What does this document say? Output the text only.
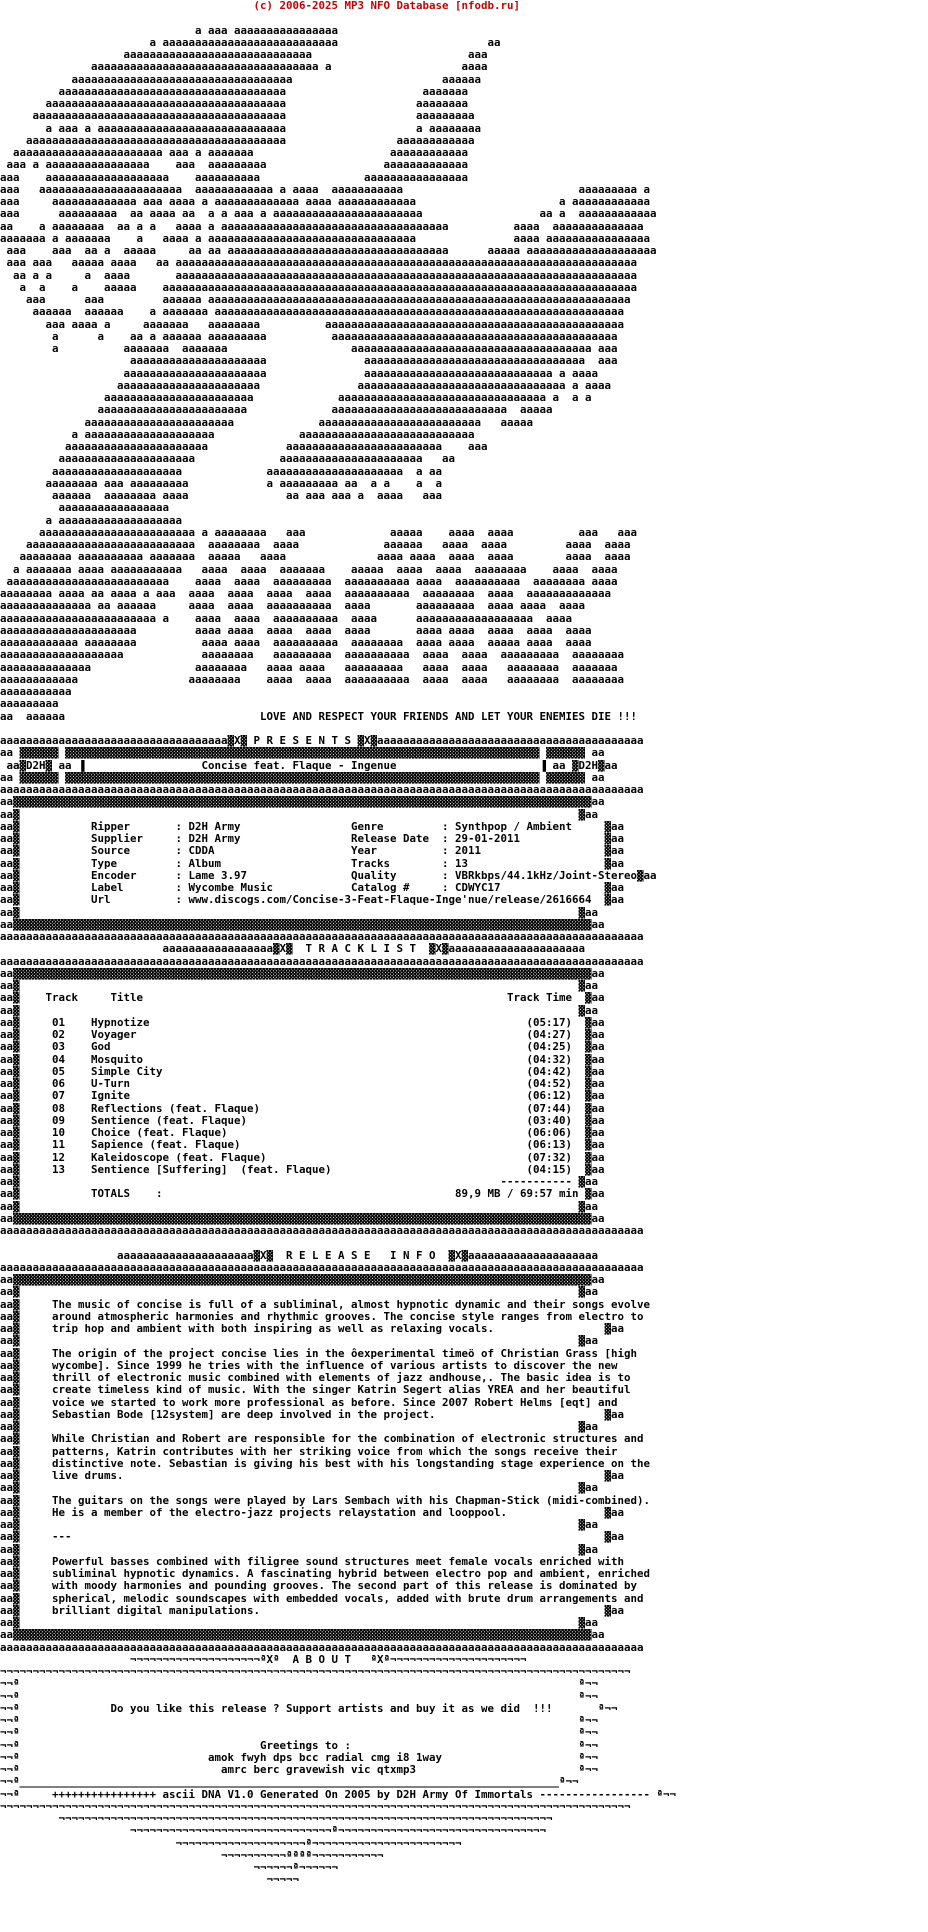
(c) 2006-2025 MP3 NFO Database [nfodb.ru]

a aaa aaaaaaaaaaaaaaaa
a aaaaaaaaaaaaaaaaaaaaaaaaaaa                       aa
aaaaaaaaaaaaaaaaaaaaaaaaaaaaa                        aaa
aaaaaaaaaaaaaaaaaaaaaaaaaaaaaaaaaaa a                    aaaa
aaaaaaaaaaaaaaaaaaaaaaaaaaaaaaaaaa                       aaaaaa
aaaaaaaaaaaaaaaaaaaaaaaaaaaaaaaaaaa                     aaaaaaa
aaaaaaaaaaaaaaaaaaaaaaaaaaaaaaaaaaaaa                    aaaaaaaa
aaaaaaaaaaaaaaaaaaaaaaaaaaaaaaaaaaaaaaa                    aaaaaaaaa
a aaa a aaaaaaaaaaaaaaaaaaaaaaaaaaaaa                    a aaaaaaaa
aaaaaaaaaaaaaaaaaaaaaaaaaaaaaaaaaaaaaaaa                 aaaaaaaaaaaa
aaaaaaaaaaaaaaaaaaaaaaa aaa a aaaaaaa                     aaaaaaaaaaaa
aaa a aaaaaaaaaaaaaaaa    aaa  aaaaaaaaa                  aaaaaaaaaaaaa
aaa    aaaaaaaaaaaaaaaaaaa    aaaaaaaaaa                aaaaaaaaaaaaaaaa
aaa   aaaaaaaaaaaaaaaaaaaaaa  aaaaaaaaaaaa a aaaa  aaaaaaaaaaa                           aaaaaaaaa a
aaa     aaaaaaaaaaaaa aaa aaaa a aaaaaaaaaaaaa aaaa aaaaaaaaaaaa                      a aaaaaaaaaaaa
aaa      aaaaaaaaa  aa aaaa aa  a a aaa a aaaaaaaaaaaaaaaaaaaaaaa                  aa a  aaaaaaaaaaaa
aa    a aaaaaaaa  aa a a   aaaa a aaaaaaaaaaaaaaaaaaaaaaaaaaaaaaaaaaa          aaaa  aaaaaaaaaaaaaa
aaaaaaa a aaaaaaa    a   aaaa a aaaaaaaaaaaaaaaaaaaaaaaaaaaaaaaa               aaaa aaaaaaaaaaaaaaaa
aaa    aaa  aa a  aaaaa     aa aa aaaaaaaaaaaaaaaaaaaaaaaaaaaaaaaaaa      aaaaa aaaaaaaaaaaaaaaaaaaa
aaa aaa   aaaaa aaaa   aa aaaaaaaaaaaaaaaaaaaaaaaaaaaaaaaaaaaaaaaaaaaaaaaaaaaaaaaaaaaaaaaaaaaaaaa
aa a a     a  aaaa       aaaaaaaaaaaaaaaaaaaaaaaaaaaaaaaaaaaaaaaaaaaaaaaaaaaaaaaaaaaaaaaaaaaaaaa
a  a    a    aaaaa    aaaaaaaaaaaaaaaaaaaaaaaaaaaaaaaaaaaaaaaaaaaaaaaaaaaaaaaaaaaaaaaaaaaaaaaaa
aaa      aaa         aaaaaa aaaaaaaaaaaaaaaaaaaaaaaaaaaaaaaaaaaaaaaaaaaaaaaaaaaaaaaaaaaaaaaaa
aaaaaa  aaaaaa    a aaaaaaa aaaaaaaaaaaaaaaaaaaaaaaaaaaaaaaaaaaaaaaaaaaaaaaaaaaaaaaaaaaaaaa
aaa aaaa a     aaaaaaa   aaaaaaaa          aaaaaaaaaaaaaaaaaaaaaaaaaaaaaaaaaaaaaaaaaaaaaa
a      a    aa a aaaaaa aaaaaaaaa          aaaaaaaaaaaaaaaaaaaaaaaaaaaaaaaaaaaaaaaaaaaa
a          aaaaaaa  aaaaaaa                   aaaaaaaaaaaaaaaaaaaaaaaaaaaaaaaaaaaaa aaa
aaaaaaaaaaaaaaaaaaaaa               aaaaaaaaaaaaaaaaaaaaaaaaaaaaaaaaaa  aaa
aaaaaaaaaaaaaaaaaaaaaa               aaaaaaaaaaaaaaaaaaaaaaaaaaaaa a aaaa
aaaaaaaaaaaaaaaaaaaaaa               aaaaaaaaaaaaaaaaaaaaaaaaaaaaaaaa a aaaa
aaaaaaaaaaaaaaaaaaaaaaa             aaaaaaaaaaaaaaaaaaaaaaaaaaaaaaaa a  a a
aaaaaaaaaaaaaaaaaaaaaaa             aaaaaaaaaaaaaaaaaaaaaaaaaaa  aaaaa
aaaaaaaaaaaaaaaaaaaaaaa             aaaaaaaaaaaaaaaaaaaaaaaaa   aaaaa
a aaaaaaaaaaaaaaaaaaaa             aaaaaaaaaaaaaaaaaaaaaaaaaaa
aaaaaaaaaaaaaaaaaaaaaa            aaaaaaaaaaaaaaaaaaaaaaaa    aaa
aaaaaaaaaaaaaaaaaaaaa             aaaaaaaaaaaaaaaaaaaaaa   aa
aaaaaaaaaaaaaaaaaaaa             aaaaaaaaaaaaaaaaaaaaa  a aa
aaaaaaaa aaa aaaaaaaaa            a aaaaaaaaa aa  a a    a  a
aaaaaa  aaaaaaaa aaaa               aa aaa aaa a  aaaa   aaa
aaaaaaaaaaaaaaaaa
a aaaaaaaaaaaaaaaaaaa
aaaaaaaaaaaaaaaaaaaaaaaa a aaaaaaaa   aaa             aaaaa    aaaa  aaaa          aaa   aaa
aaaaaaaaaaaaaaaaaaaaaaaaaa  aaaaaaaa  aaaa             aaaaaa   aaaa  aaaa         aaaa  aaaa
aaaaaaaa aaaaaaaaaa aaaaaaa  aaaaa   aaaa              aaaa aaaa  aaaa  aaaa        aaaa  aaaa
a aaaaaaa aaaa aaaaaaaaaaa   aaaa  aaaa  aaaaaaa    aaaaa  aaaa  aaaa  aaaaaaaa    aaaa  aaaa
aaaaaaaaaaaaaaaaaaaaaaaaa    aaaa  aaaa  aaaaaaaaa  aaaaaaaaaa aaaa  aaaaaaaaaa  aaaaaaaa aaaa
aaaaaaaa aaaa aa aaaa a aaa  aaaa  aaaa  aaaa  aaaa  aaaaaaaaaa  aaaaaaaa  aaaa  aaaaaaaaaaaaa
aaaaaaaaaaaaaa aa aaaaaa     aaaa  aaaa  aaaaaaaaaa  aaaa       aaaaaaaaa  aaaa aaaa  aaaa
aaaaaaaaaaaaaaaaaaaaaaaa a    aaaa  aaaa  aaaaaaaaaa  aaaa      aaaaaaaaaaaaaaaaaa  aaaa
aaaaaaaaaaaaaaaaaaaaa         aaaa aaaa  aaaa  aaaa  aaaa       aaaa aaaa  aaaa  aaaa  aaaa
aaaaaaaaaaaa aaaaaaaa          aaaa aaaa  aaaaaaaaaa  aaaaaaaa  aaaa aaaa  aaaaa aaaa  aaaa
aaaaaaaaaaaaaaaaaaa            aaaaaaaa   aaaaaaaaa  aaaaaaaaaa  aaaa  aaaa  aaaaaaaaa  aaaaaaaa
aaaaaaaaaaaaaa                aaaaaaaa   aaaa aaaa   aaaaaaaaa   aaaa  aaaa   aaaaaaaa  aaaaaaa
aaaaaaaaaaaa                 aaaaaaaa    aaaa  aaaa  aaaaaaaaaa  aaaa  aaaa   aaaaaaaa  aaaaaaaa
aaaaaaaaaaa
aaaaaaaaa
aa  aaaaaa                              LOVE AND RESPECT YOUR FRIENDS AND LET YOUR ENEMIES DIE !!!

aaaaaaaaaaaaaaaaaaaaaaaaaaaaaaaaaaa▓X▓ P R E S E N T S ▓X▓aaaaaaaaaaaaaaaaaaaaaaaaaaaaaaaaaaaaaaaaa
aa ▓▓▓▓▓▓ ▓▓▓▓▓▓▓▓▓▓▓▓▓▓▓▓▓▓▓▓▓▓▓▓▓▓▓▓▓▓▓▓▓▓▓▓▓▓▓▓▓▓▓▓▓▓▓▓▓▓▓▓▓▓▓▓▓▓▓▓▓▓▓▓▓▓▓▓▓▓▓▓▓ ▓▓▓▓▓▓ aa
aa▓D2H▓ aa ▐                  Concise feat. Flaque - Ingenue                      ▐ aa ▓D2H▓aa
aa ▓▓▓▓▓▓ ▓▓▓▓▓▓▓▓▓▓▓▓▓▓▓▓▓▓▓▓▓▓▓▓▓▓▓▓▓▓▓▓▓▓▓▓▓▓▓▓▓▓▓▓▓▓▓▓▓▓▓▓▓▓▓▓▓▓▓▓▓▓▓▓▓▓▓▓▓▓▓▓▓ ▓▓▓▓▓▓ aa
aaaaaaaaaaaaaaaaaaaaaaaaaaaaaaaaaaaaaaaaaaaaaaaaaaaaaaaaaaaaaaaaaaaaaaaaaaaaaaaaaaaaaaaaaaaaaaaaaaa
aa▓▓▓▓▓▓▓▓▓▓▓▓▓▓▓▓▓▓▓▓▓▓▓▓▓▓▓▓▓▓▓▓▓▓▓▓▓▓▓▓▓▓▓▓▓▓▓▓▓▓▓▓▓▓▓▓▓▓▓▓▓▓▓▓▓▓▓▓▓▓▓▓▓▓▓▓▓▓▓▓▓▓▓▓▓▓▓▓▓aa
aa▓                                                                                      ▓aa
aa▓           Ripper       : D2H Army                 Genre         : Synthpop / Ambient     ▓aa
aa▓           Supplier     : D2H Army                 Release Date  : 29-01-2011             ▓aa
aa▓           Source       : CDDA                     Year          : 2011                   ▓aa
aa▓           Type         : Album                    Tracks        : 13                     ▓aa
aa▓           Encoder      : Lame 3.97                Quality       : VBRkbps/44.1kHz/Joint-Stereo▓aa
aa▓           Label        : Wycombe Music            Catalog #     : CDWYC17                ▓aa
aa▓           Url          : www.discogs.com/Concise-3-Feat-Flaque-Inge'nue/release/2616664  ▓aa
aa▓                                                                                      ▓aa
aa▓▓▓▓▓▓▓▓▓▓▓▓▓▓▓▓▓▓▓▓▓▓▓▓▓▓▓▓▓▓▓▓▓▓▓▓▓▓▓▓▓▓▓▓▓▓▓▓▓▓▓▓▓▓▓▓▓▓▓▓▓▓▓▓▓▓▓▓▓▓▓▓▓▓▓▓▓▓▓▓▓▓▓▓▓▓▓▓▓aa
aaaaaaaaaaaaaaaaaaaaaaaaaaaaaaaaaaaaaaaaaaaaaaaaaaaaaaaaaaaaaaaaaaaaaaaaaaaaaaaaaaaaaaaaaaaaaaaaaaa
aaaaaaaaaaaaaaaaa▓X▓  T R A C K L I S T  ▓X▓aaaaaaaaaaaaaaaaaaaaa
aaaaaaaaaaaaaaaaaaaaaaaaaaaaaaaaaaaaaaaaaaaaaaaaaaaaaaaaaaaaaaaaaaaaaaaaaaaaaaaaaaaaaaaaaaaaaaaaaaa
aa▓▓▓▓▓▓▓▓▓▓▓▓▓▓▓▓▓▓▓▓▓▓▓▓▓▓▓▓▓▓▓▓▓▓▓▓▓▓▓▓▓▓▓▓▓▓▓▓▓▓▓▓▓▓▓▓▓▓▓▓▓▓▓▓▓▓▓▓▓▓▓▓▓▓▓▓▓▓▓▓▓▓▓▓▓▓▓▓▓aa
aa▓                                                                                      ▓aa
aa▓    Track     Title                                                        Track Time  ▓aa
aa▓                                                                                      ▓aa
aa▓     01    Hypnotize                                                          (05:17)  ▓aa
aa▓     02    Voyager                                                            (04:27)  ▓aa
aa▓     03    God                                                                (04:25)  ▓aa
aa▓     04    Mosquito                                                           (04:32)  ▓aa
aa▓     05    Simple City                                                        (04:42)  ▓aa
aa▓     06    U-Turn                                                             (04:52)  ▓aa
aa▓     07    Ignite                                                             (06:12)  ▓aa
aa▓     08    Reflections (feat. Flaque)                                         (07:44)  ▓aa
aa▓     09    Sentience (feat. Flaque)                                           (03:40)  ▓aa
aa▓     10    Choice (feat. Flaque)                                              (06:06)  ▓aa
aa▓     11    Sapience (feat. Flaque)                                            (06:13)  ▓aa
aa▓     12    Kaleidoscope (feat. Flaque)                                        (07:32)  ▓aa
aa▓     13    Sentience [Suffering]  (feat. Flaque)                              (04:15)  ▓aa
aa▓                                                                          ----------- ▓aa
aa▓           TOTALS    :                                             89,9 MB / 69:57 min ▓aa
aa▓                                                                                      ▓aa
aa▓▓▓▓▓▓▓▓▓▓▓▓▓▓▓▓▓▓▓▓▓▓▓▓▓▓▓▓▓▓▓▓▓▓▓▓▓▓▓▓▓▓▓▓▓▓▓▓▓▓▓▓▓▓▓▓▓▓▓▓▓▓▓▓▓▓▓▓▓▓▓▓▓▓▓▓▓▓▓▓▓▓▓▓▓▓▓▓▓aa
aaaaaaaaaaaaaaaaaaaaaaaaaaaaaaaaaaaaaaaaaaaaaaaaaaaaaaaaaaaaaaaaaaaaaaaaaaaaaaaaaaaaaaaaaaaaaaaaaaa

aaaaaaaaaaaaaaaaaaaaa▓X▓  R E L E A S E   I N F O  ▓X▓aaaaaaaaaaaaaaaaaaaa
aaaaaaaaaaaaaaaaaaaaaaaaaaaaaaaaaaaaaaaaaaaaaaaaaaaaaaaaaaaaaaaaaaaaaaaaaaaaaaaaaaaaaaaaaaaaaaaaaaa
aa▓▓▓▓▓▓▓▓▓▓▓▓▓▓▓▓▓▓▓▓▓▓▓▓▓▓▓▓▓▓▓▓▓▓▓▓▓▓▓▓▓▓▓▓▓▓▓▓▓▓▓▓▓▓▓▓▓▓▓▓▓▓▓▓▓▓▓▓▓▓▓▓▓▓▓▓▓▓▓▓▓▓▓▓▓▓▓▓▓aa
aa▓                                                                                      ▓aa
aa▓     The music of concise is full of a subliminal, almost hypnotic dynamic and their songs evolve
aa▓     around atmospheric harmonies and rhythmic grooves. The concise style ranges from electro to
aa▓     trip hop and ambient with both inspiring as well as relaxing vocals.                 ▓aa
aa▓                                                                                      ▓aa
aa▓     The origin of the project concise lies in the ôexperimental timeö of Christian Grass [high
aa▓     wycombe]. Since 1999 he tries with the influence of various artists to discover the new
aa▓     thrill of electronic music combined with elements of jazz andhouse,. The basic idea is to
aa▓     create timeless kind of music. With the singer Katrin Segert alias YREA and her beautiful
aa▓     voice we started to work more professional as before. Since 2007 Robert Helms [eqt] and
aa▓     Sebastian Bode [12system] are deep involved in the project.                          ▓aa
aa▓                                                                                      ▓aa
aa▓     While Christian and Robert are responsible for the combination of electronic structures and
aa▓     patterns, Katrin contributes with her striking voice from which the songs receive their
aa▓     distinctive note. Sebastian is giving his best with his longstanding stage experience on the
aa▓     live drums.                                                                          ▓aa
aa▓                                                                                      ▓aa
aa▓     The guitars on the songs were played by Lars Sembach with his Chapman-Stick (midi-combined).
aa▓     He is a member of the electro-jazz projects relaystation and looppool.               ▓aa
aa▓                                                                                      ▓aa
aa▓     ---                                                                                  ▓aa
aa▓                                                                                      ▓aa
aa▓     Powerful basses combined with filigree sound structures meet female vocals enriched with
aa▓     subliminal hypnotic dynamics. A fascinating hybrid between electro pop and ambient, enriched
aa▓     with moody harmonies and pounding grooves. The second part of this release is dominated by
aa▓     spherical, melodic soundscapes with embedded vocals, added with brute drum arrangements and
aa▓     brilliant digital manipulations.                                                     ▓aa
aa▓                                                                                      ▓aa
aa▓▓▓▓▓▓▓▓▓▓▓▓▓▓▓▓▓▓▓▓▓▓▓▓▓▓▓▓▓▓▓▓▓▓▓▓▓▓▓▓▓▓▓▓▓▓▓▓▓▓▓▓▓▓▓▓▓▓▓▓▓▓▓▓▓▓▓▓▓▓▓▓▓▓▓▓▓▓▓▓▓▓▓▓▓▓▓▓▓aa
aaaaaaaaaaaaaaaaaaaaaaaaaaaaaaaaaaaaaaaaaaaaaaaaaaaaaaaaaaaaaaaaaaaaaaaaaaaaaaaaaaaaaaaaaaaaaaaaaaa
¬¬¬¬¬¬¬¬¬¬¬¬¬¬¬¬¬¬¬¬ªXª  A B O U T   ªXª¬¬¬¬¬¬¬¬¬¬¬¬¬¬¬¬¬¬¬¬¬
¬¬¬¬¬¬¬¬¬¬¬¬¬¬¬¬¬¬¬¬¬¬¬¬¬¬¬¬¬¬¬¬¬¬¬¬¬¬¬¬¬¬¬¬¬¬¬¬¬¬¬¬¬¬¬¬¬¬¬¬¬¬¬¬¬¬¬¬¬¬¬¬¬¬¬¬¬¬¬¬¬¬¬¬¬¬¬¬¬¬¬¬¬¬¬¬¬
¬¬ª                                                                                      ª¬¬
¬¬ª                                                                                      ª¬¬
¬¬ª              Do you like this release ? Support artists and buy it as we did  !!!       ª¬¬
¬¬ª                                                                                      ª¬¬
¬¬ª                                                                                      ª¬¬
¬¬ª                                     Greetings to :                                   ª¬¬
¬¬ª                             amok fwyh dps bcc radial cmg i8 1way                     ª¬¬
¬¬ª                               amrc berc gravewish vic qtxmp3                         ª¬¬
¬¬ª___________________________________________________________________________________ª¬¬
¬¬ª     ++++++++++++++++ ascii DNA V1.0 Generated On 2005 by D2H Army Of Immortals ----------------- ª¬¬
¬¬¬¬¬¬¬¬¬¬¬¬¬¬¬¬¬¬¬¬¬¬¬¬¬¬¬¬¬¬¬¬¬¬¬¬¬¬¬¬¬¬¬¬¬¬¬¬¬¬¬¬¬¬¬¬¬¬¬¬¬¬¬¬¬¬¬¬¬¬¬¬¬¬¬¬¬¬¬¬¬¬¬¬¬¬¬¬¬¬¬¬¬¬¬¬¬
¬¬¬¬¬¬¬¬¬¬¬¬¬¬¬¬¬¬¬¬¬¬¬¬¬¬¬¬¬¬¬¬¬¬¬¬¬¬¬¬¬¬¬¬¬¬¬¬¬¬¬¬¬¬¬¬¬¬¬¬¬¬¬¬¬¬¬¬¬¬¬¬¬¬¬¬
¬¬¬¬¬¬¬¬¬¬¬¬¬¬¬¬¬¬¬¬¬¬¬¬¬¬¬¬¬¬¬ª¬¬¬¬¬¬¬¬¬¬¬¬¬¬¬¬¬¬¬¬¬¬¬¬¬¬¬¬¬¬¬¬
¬¬¬¬¬¬¬¬¬¬¬¬¬¬¬¬¬¬¬¬ª¬¬¬¬¬¬¬¬¬¬¬¬¬¬¬¬¬¬¬¬¬¬¬
¬¬¬¬¬¬¬¬¬¬ªªªª¬¬¬¬¬¬¬¬¬¬¬
¬¬¬¬¬¬ª¬¬¬¬¬¬
¬¬¬¬¬
